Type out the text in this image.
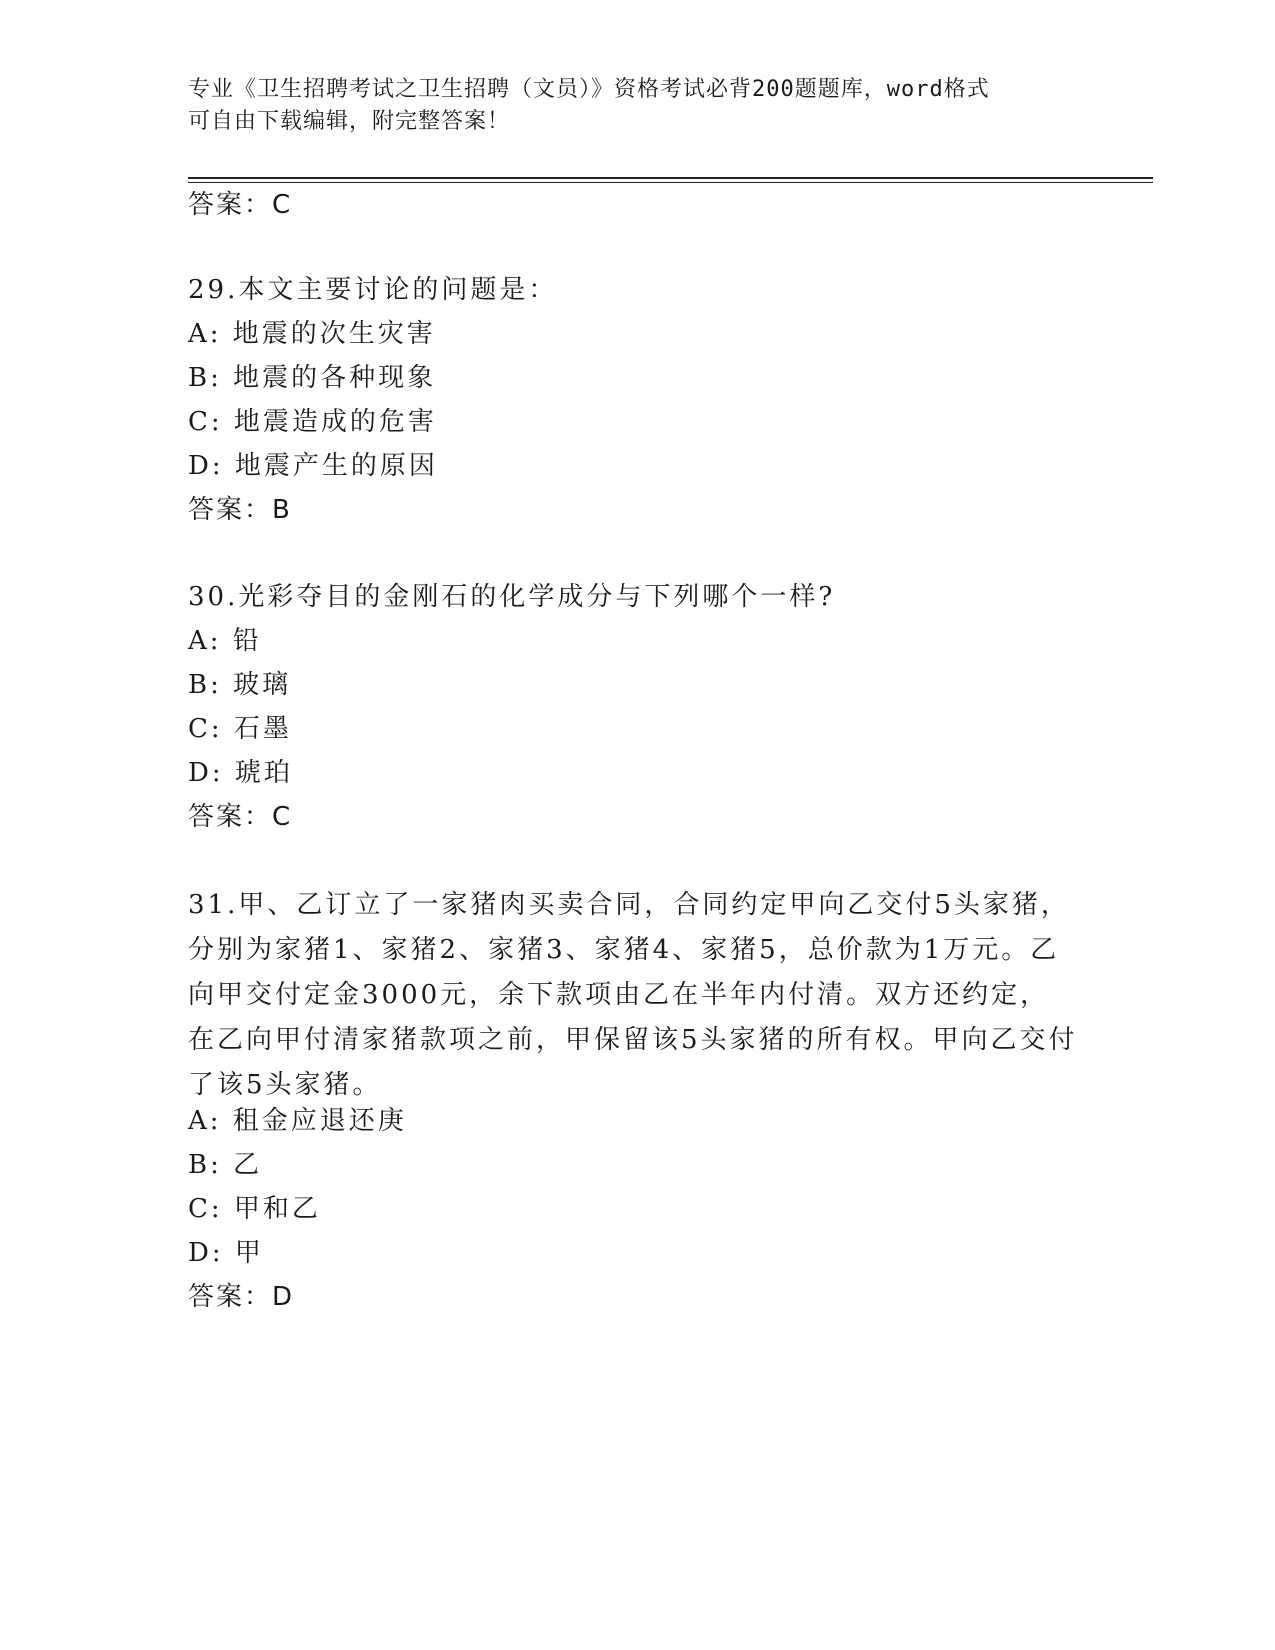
专业《卫生招聘考试之卫生招聘（文员）》资格考试必背200题题库，word格式
可自由下载编辑，附完整答案！
答案：C
29.本文主要讨论的问题是：
A: 地震的次生灾害
B: 地震的各种现象
C: 地震造成的危害
D: 地震产生的原因
答案：B
30.光彩夺目的金刚石的化学成分与下列哪个一样?
A: 铅
B: 玻璃
C: 石墨
D: 琥珀
答案：C
31.甲、乙订立了一家猪肉买卖合同，合同约定甲向乙交付5头家猪，分别为家猪1、家猪2、家猪3、家猪4、家猪5，总价款为1万元。乙向甲交付定金3000元，余下款项由乙在半年内付清。双方还约定，在乙向甲付清家猪款项之前，甲保留该5头家猪的所有权。甲向乙交付了该5头家猪。
A: 租金应退还庚
B: 乙
C: 甲和乙
D: 甲
答案：D
